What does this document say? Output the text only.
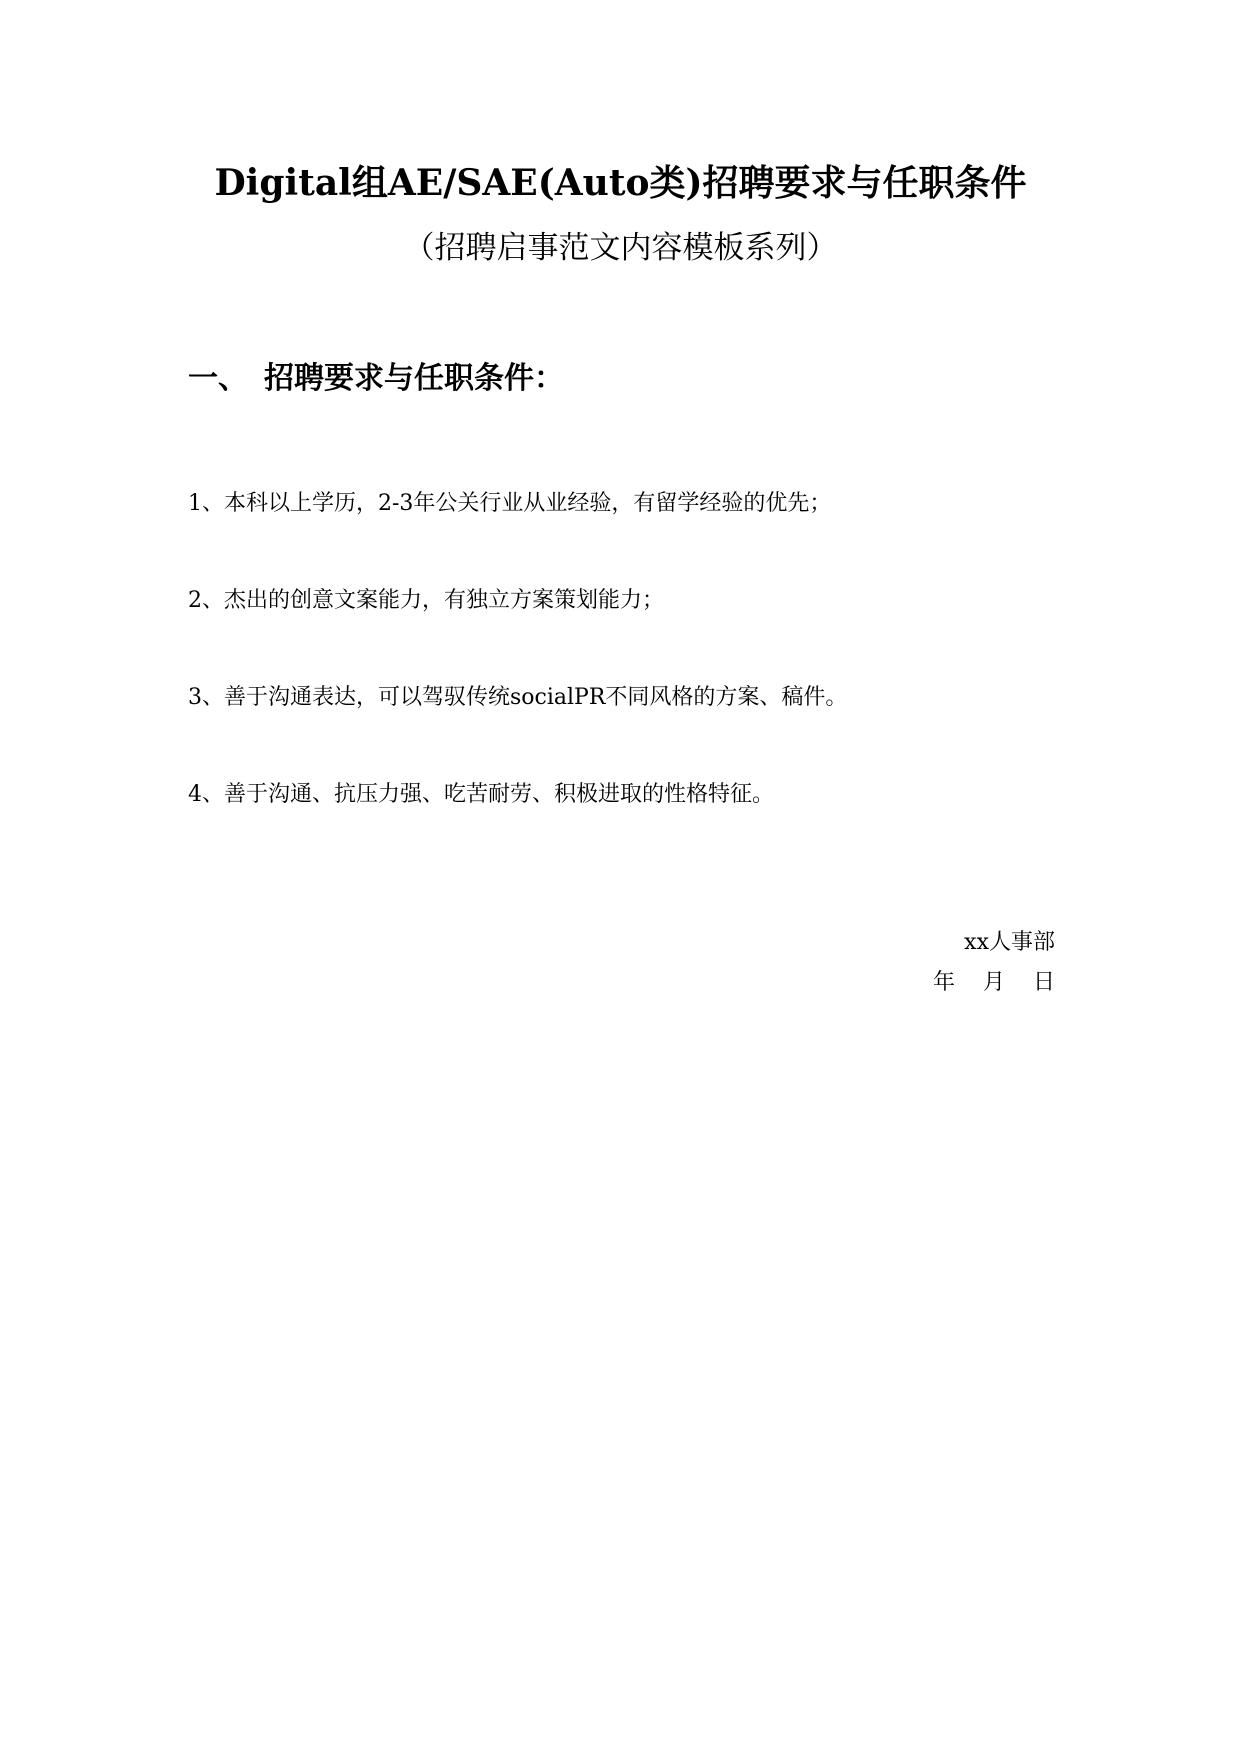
Digital组AE/SAE(Auto类)招聘要求与任职条件
（招聘启事范文内容模板系列）
一、 招聘要求与任职条件：
1、本科以上学历，2-3年公关行业从业经验，有留学经验的优先；
2、杰出的创意文案能力，有独立方案策划能力；
3、善于沟通表达，可以驾驭传统socialPR不同风格的方案、稿件。
4、善于沟通、抗压力强、吃苦耐劳、积极进取的性格特征。
xx人事部
年 月 日
